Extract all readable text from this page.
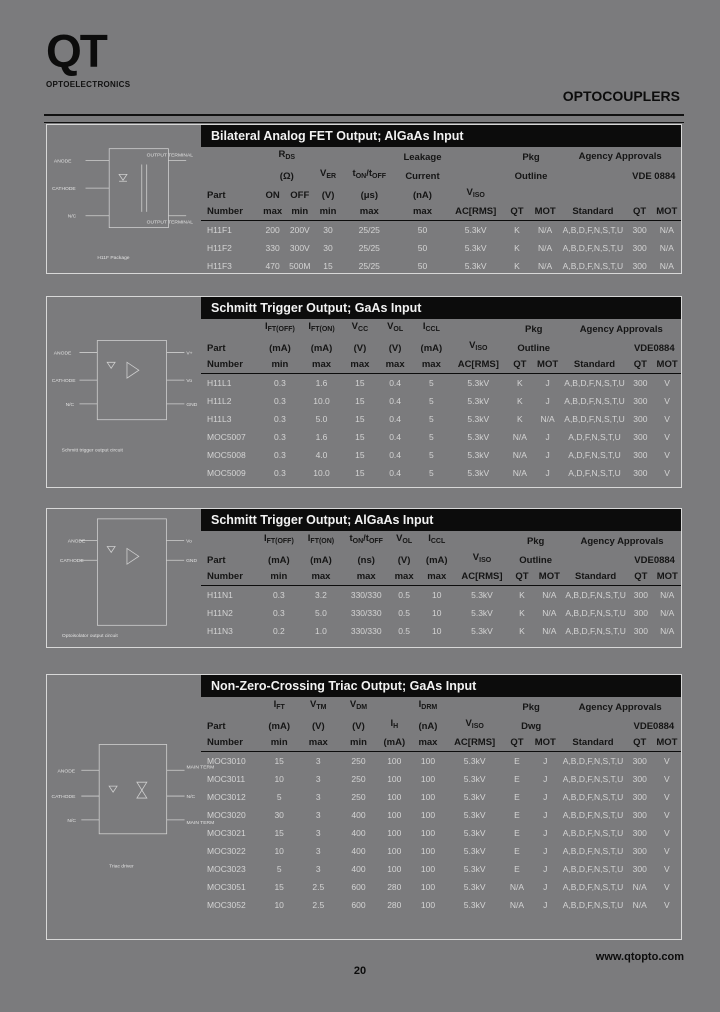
QT
OPTOELECTRONICS
OPTOCOUPLERS
ANODE
CATHODE
N/C
OUTPUT TERMINAL
OUTPUT TERMINAL
H11F Package
Bilateral Analog FET Output; AlGaAs Input
	$R_{DS}$				Leakage		Pkg		Agency Approvals		
	(Ω)		$V_{ER}$	$t_{ON}/t_{OFF}$	Current		Outline			VDE 0884	
Part	ON	OFF	(V)	(μs)	(nA)	$V_{ISO}$					
Number	max	min	min	max	max	AC[RMS]	QT	MOT	Standard	QT	MOT
H11F1	200	200V	30	25/25	50	5.3kV	K	N/A	A,B,D,F,N,S,T,U	300	N/A
H11F2	330	300V	30	25/25	50	5.3kV	K	N/A	A,B,D,F,N,S,T,U	300	N/A
H11F3	470	500M	15	25/25	50	5.3kV	K	N/A	A,B,D,F,N,S,T,U	300	N/A
ANODE
CATHODE
N/C
V+
Vo
GND
Schmitt trigger output circuit
Schmitt Trigger Output; GaAs Input
	$I_{FT(OFF)}$	$I_{FT(ON)}$	$V_{CC}$	$V_{OL}$	$I_{CCL}$		Pkg		Agency Approvals		
Part	(mA)	(mA)	(V)	(V)	(mA)	$V_{ISO}$	Outline			VDE0884	
Number	min	max	max	max	max	AC[RMS]	QT	MOT	Standard	QT	MOT
H11L1	0.3	1.6	15	0.4	5	5.3kV	K	J	A,B,D,F,N,S,T,U	300	V
H11L2	0.3	10.0	15	0.4	5	5.3kV	K	J	A,B,D,F,N,S,T,U	300	V
H11L3	0.3	5.0	15	0.4	5	5.3kV	K	N/A	A,B,D,F,N,S,T,U	300	V
MOC5007	0.3	1.6	15	0.4	5	5.3kV	N/A	J	A,D,F,N,S,T,U	300	V
MOC5008	0.3	4.0	15	0.4	5	5.3kV	N/A	J	A,D,F,N,S,T,U	300	V
MOC5009	0.3	10.0	15	0.4	5	5.3kV	N/A	J	A,D,F,N,S,T,U	300	V
ANODE
CATHODE
Vo
GND
Optoisolator output circuit
Schmitt Trigger Output; AlGaAs Input
	$I_{FT(OFF)}$	$I_{FT(ON)}$	$t_{ON}/t_{OFF}$	$V_{OL}$	$I_{CCL}$		Pkg		Agency Approvals		
Part	(mA)	(mA)	(ns)	(V)	(mA)	$V_{ISO}$	Outline			VDE0884	
Number	min	max	max	max	max	AC[RMS]	QT	MOT	Standard	QT	MOT
H11N1	0.3	3.2	330/330	0.5	10	5.3kV	K	N/A	A,B,D,F,N,S,T,U	300	N/A
H11N2	0.3	5.0	330/330	0.5	10	5.3kV	K	N/A	A,B,D,F,N,S,T,U	300	N/A
H11N3	0.2	1.0	330/330	0.5	10	5.3kV	K	N/A	A,B,D,F,N,S,T,U	300	N/A
ANODE
CATHODE
N/C
MAIN TERM
N/C
MAIN TERM
Triac driver
Non-Zero-Crossing Triac Output; GaAs Input
	$I_{FT}$	$V_{TM}$	$V_{DM}$		$I_{DRM}$		Pkg		Agency Approvals		
Part	(mA)	(V)	(V)	$I_H$	(nA)	$V_{ISO}$	Dwg			VDE0884	
Number	min	max	min	(mA)	max	AC[RMS]	QT	MOT	Standard	QT	MOT
MOC3010	15	3	250	100	100	5.3kV	E	J	A,B,D,F,N,S,T,U	300	V
MOC3011	10	3	250	100	100	5.3kV	E	J	A,B,D,F,N,S,T,U	300	V
MOC3012	5	3	250	100	100	5.3kV	E	J	A,B,D,F,N,S,T,U	300	V
MOC3020	30	3	400	100	100	5.3kV	E	J	A,B,D,F,N,S,T,U	300	V
MOC3021	15	3	400	100	100	5.3kV	E	J	A,B,D,F,N,S,T,U	300	V
MOC3022	10	3	400	100	100	5.3kV	E	J	A,B,D,F,N,S,T,U	300	V
MOC3023	5	3	400	100	100	5.3kV	E	J	A,B,D,F,N,S,T,U	300	V
MOC3051	15	2.5	600	280	100	5.3kV	N/A	J	A,B,D,F,N,S,T,U	N/A	V
MOC3052	10	2.5	600	280	100	5.3kV	N/A	J	A,B,D,F,N,S,T,U	N/A	V
www.qtopto.com
20
